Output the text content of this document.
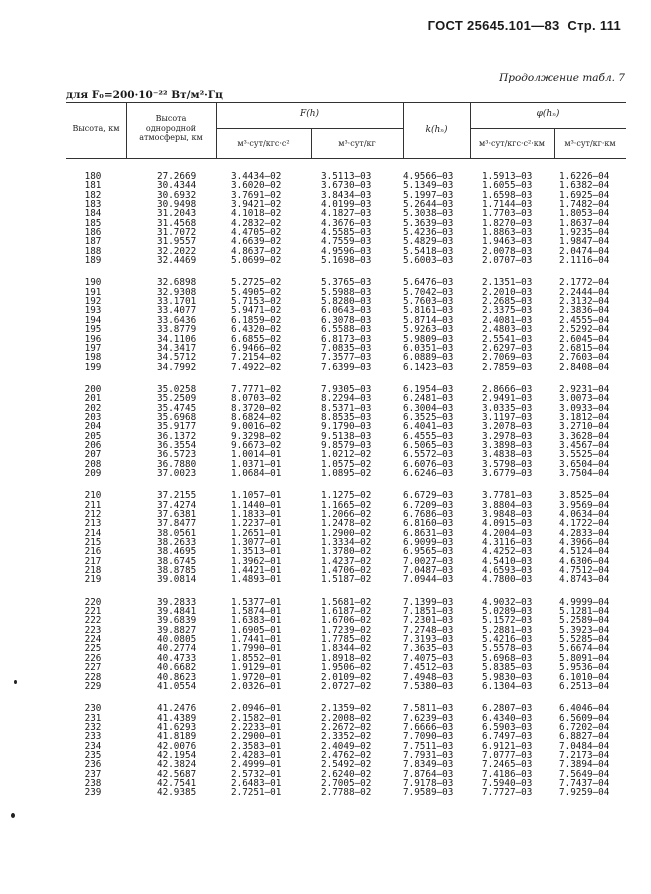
ГОСТ 25645.101—83 Стр. 111
Продолжение табл. 7
для F₀=200·10⁻²² Вт/м²·Гц
Высота, км
Высота однородной атмосферы, км
F(h)
м³·сут/кгс·с²	м³·сут/кг
k(hₙ)
φ(hₙ)
м³·сут/кгс·с²·км	м³·сут/кг·км
180
181
182
183
184
185
186
187
188
189
190
191
192
193
194
195
196
197
198
199
200
201
202
203
204
205
206
207
208
209
210
211
212
213
214
215
216
217
218
219
220
221
222
223
224
225
226
227
228
229
230
231
232
233
234
235
236
237
238
239
27.2669
30.4344
30.6932
30.9498
31.2043
31.4568
31.7072
31.9557
32.2022
32.4469
32.6898
32.9308
33.1701
33.4077
33.6436
33.8779
34.1106
34.3417
34.5712
34.7992
35.0258
35.2509
35.4745
35.6968
35.9177
36.1372
36.3554
36.5723
36.7880
37.0023
37.2155
37.4274
37.6381
37.8477
38.0561
38.2633
38.4695
38.6745
38.8785
39.0814
39.2833
39.4841
39.6839
39.8827
40.0805
40.2774
40.4733
40.6682
40.8623
41.0554
41.2476
41.4389
41.6293
41.8189
42.0076
42.1954
42.3824
42.5687
42.7541
42.9385
3.4434—02
3.6020—02
3.7691—02
3.9421—02
4.1018—02
4.2832—02
4.4705—02
4.6639—02
4.8637—02
5.0699—02
5.2725—02
5.4905—02
5.7153—02
5.9471—02
6.1859—02
6.4320—02
6.6855—02
6.9466—02
7.2154—02
7.4922—02
7.7771—02
8.0703—02
8.3720—02
8.6824—02
9.0016—02
9.3298—02
9.6673—02
1.0014—01
1.0371—01
1.0684—01
1.1057—01
1.1440—01
1.1833—01
1.2237—01
1.2651—01
1.3077—01
1.3513—01
1.3962—01
1.4421—01
1.4893—01
1.5377—01
1.5874—01
1.6383—01
1.6905—01
1.7441—01
1.7990—01
1.8552—01
1.9129—01
1.9720—01
2.0326—01
2.0946—01
2.1582—01
2.2233—01
2.2900—01
2.3583—01
2.4283—01
2.4999—01
2.5732—01
2.6483—01
2.7251—01
3.5113—03
3.6730—03
3.8434—03
4.0199—03
4.1827—03
4.3676—03
4.5585—03
4.7559—03
4.9596—03
5.1698—03
5.3765—03
5.5988—03
5.8280—03
6.0643—03
6.3078—03
6.5588—03
6.8173—03
7.0835—03
7.3577—03
7.6399—03
7.9305—03
8.2294—03
8.5371—03
8.8535—03
9.1790—03
9.5138—03
9.8579—03
1.0212—02
1.0575—02
1.0895—02
1.1275—02
1.1665—02
1.2066—02
1.2478—02
1.2900—02
1.3334—02
1.3780—02
1.4237—02
1.4706—02
1.5187—02
1.5681—02
1.6187—02
1.6706—02
1.7239—02
1.7785—02
1.8344—02
1.8918—02
1.9506—02
2.0109—02
2.0727—02
2.1359—02
2.2008—02
2.2672—02
2.3352—02
2.4049—02
2.4762—02
2.5492—02
2.6240—02
2.7005—02
2.7788—02
4.9566—03
5.1349—03
5.1997—03
5.2644—03
5.3038—03
5.3639—03
5.4236—03
5.4829—03
5.5418—03
5.6003—03
5.6476—03
5.7042—03
5.7603—03
5.8161—03
5.8714—03
5.9263—03
5.9809—03
6.0351—03
6.0889—03
6.1423—03
6.1954—03
6.2481—03
6.3004—03
6.3525—03
6.4041—03
6.4555—03
6.5065—03
6.5572—03
6.6076—03
6.6246—03
6.6729—03
6.7209—03
6.7686—03
6.8160—03
6.8631—03
6.9099—03
6.9565—03
7.0027—03
7.0487—03
7.0944—03
7.1399—03
7.1851—03
7.2301—03
7.2748—03
7.3193—03
7.3635—03
7.4075—03
7.4512—03
7.4948—03
7.5380—03
7.5811—03
7.6239—03
7.6666—03
7.7090—03
7.7511—03
7.7931—03
7.8349—03
7.8764—03
7.9178—03
7.9589—03
1.5913—03
1.6055—03
1.6598—03
1.7144—03
1.7703—03
1.8270—03
1.8863—03
1.9463—03
2.0078—03
2.0707—03
2.1351—03
2.2010—03
2.2685—03
2.3375—03
2.4081—03
2.4803—03
2.5541—03
2.6297—03
2.7069—03
2.7859—03
2.8666—03
2.9491—03
3.0335—03
3.1197—03
3.2078—03
3.2978—03
3.3898—03
3.4838—03
3.5798—03
3.6779—03
3.7781—03
3.8804—03
3.9848—03
4.0915—03
4.2004—03
4.3116—03
4.4252—03
4.5410—03
4.6593—03
4.7800—03
4.9032—03
5.0289—03
5.1572—03
5.2881—03
5.4216—03
5.5578—03
5.6968—03
5.8385—03
5.9830—03
6.1304—03
6.2807—03
6.4340—03
6.5903—03
6.7497—03
6.9121—03
7.0777—03
7.2465—03
7.4186—03
7.5940—03
7.7727—03
1.6226—04
1.6382—04
1.6925—04
1.7482—04
1.8053—04
1.8637—04
1.9235—04
1.9847—04
2.0474—04
2.1116—04
2.1772—04
2.2444—04
2.3132—04
2.3836—04
2.4555—04
2.5292—04
2.6045—04
2.6815—04
2.7603—04
2.8408—04
2.9231—04
3.0073—04
3.0933—04
3.1812—04
3.2710—04
3.3628—04
3.4567—04
3.5525—04
3.6504—04
3.7504—04
3.8525—04
3.9569—04
4.0634—04
4.1722—04
4.2833—04
4.3966—04
4.5124—04
4.6306—04
4.7512—04
4.8743—04
4.9999—04
5.1281—04
5.2589—04
5.3923—04
5.5285—04
5.6674—04
5.8091—04
5.9536—04
6.1010—04
6.2513—04
6.4046—04
6.5609—04
6.7202—04
6.8827—04
7.0484—04
7.2173—04
7.3894—04
7.5649—04
7.7437—04
7.9259—04
